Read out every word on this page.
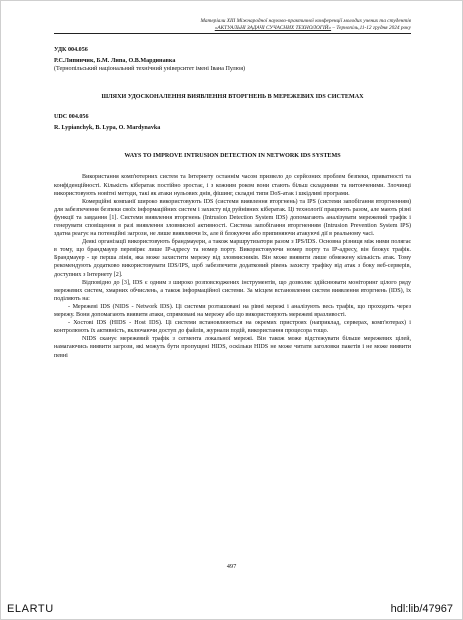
Матеріали ХІІІ Міжнародної науково-практичної конференції молодих учених та студентів
«АКТУАЛЬНІ ЗАДАЧІ СУЧАСНИХ ТЕХНОЛОГІЙ» – Тернопіль,11-12 грудня 2024 року
УДК 004.056
Р.С.Липинчик, Б.М. Липа, О.В.Мардинавка
(Тернопільський національний технічний університет імені Івана Пулюя)
ШЛЯХИ УДОСКОНАЛЕННЯ ВИЯВЛЕННЯ ВТОРГНЕНЬ В МЕРЕЖЕВИХ IDS СИСТЕМАХ
UDC 004.056
R. Lypianchyk, B. Lypa, O. Mardynavka
WAYS TO IMPROVE INTRUSION DETECTION IN NETWORK IDS SYSTEMS

Використання комп'ютерних систем та Інтернету останнім часом призвело до серйозних проблем безпеки, приватності та конфіденційності. Кількість кібератак постійно зростає, і з кожним роком вони стають більш складними та витонченими. Злочинці використовують новітні методи, такі як атаки нульових днів, фішинг, складні типи DoS-атак і шкідливі програми.

Комерційні компанії широко використовують IDS (системи виявлення вторгнень) та IPS (системи запобігання вторгненням) для забезпечення безпеки своїх інформаційних систем і захисту від руйнівних кібератак. Ці технології працюють разом, але мають різні функції та завдання [1]. Системи виявлення вторгнень (Intrusion Detection System IDS) допомагають аналізувати мережевий трафік і генерувати сповіщення в разі виявлення зловмисної активності. Система запобігання вторгненням (Intrusion Prevention System IPS) здатна реагує на потенційні загрози, не лише виявляючи їх, але й блокуючи або припиняючи атакуючі дії в реальному часі.

Деякі організації використовують брандмауери, а також маршрутизатори разом з IPS/IDS. Основна різниця між ними полягає в тому, що брандмауер перевіряє лише IP-адресу та номер порту. Використовуючи номер порту та IP-адресу, він блокує трафік. Брандмауер - це перша лінія, яка може захистити мережу від зловмисників. Він може виявити лише обмежену кількість атак. Тому рекомендують додатково використовувати IDS/IPS, щоб забезпечити додатковий рівень захисту трафіку від атак з боку веб-серверів, доступних з Інтернету [2].

Відповідно до [3], IDS є одним з широко розповсюджених інструментів, що дозволяє здійснювати моніторинг цілого ряду мережевих систем, хмарних обчислень, а також інформаційної системи. За місцем встановлення систем виявлення вторгнень (IDS), їх поділяють на:

- Мережеві IDS (NIDS - Network IDS). Ці системи розташовані на рівні мережі і аналізують весь трафік, що проходить через мережу. Вони допомагають виявити атаки, спрямовані на мережу або що використовують мережеві вразливості.

- Хостові IDS (HIDS - Host IDS). Ці системи встановлюються на окремих пристроях (наприклад, серверах, комп'ютерах) і контролюють їх активність, включаючи доступ до файлів, журнали подій, використання процесора тощо.

NIDS сканує мережевий трафік з сегмента локальної мережі. Він також може відстежувати більше мережевих цілей, намагаючись виявити загрози, які можуть бути пропущені HIDS, оскільки HIDS не може читати заголовки пакетів і не може виявити певні

497
ELARTU	hdl:lib/47967
